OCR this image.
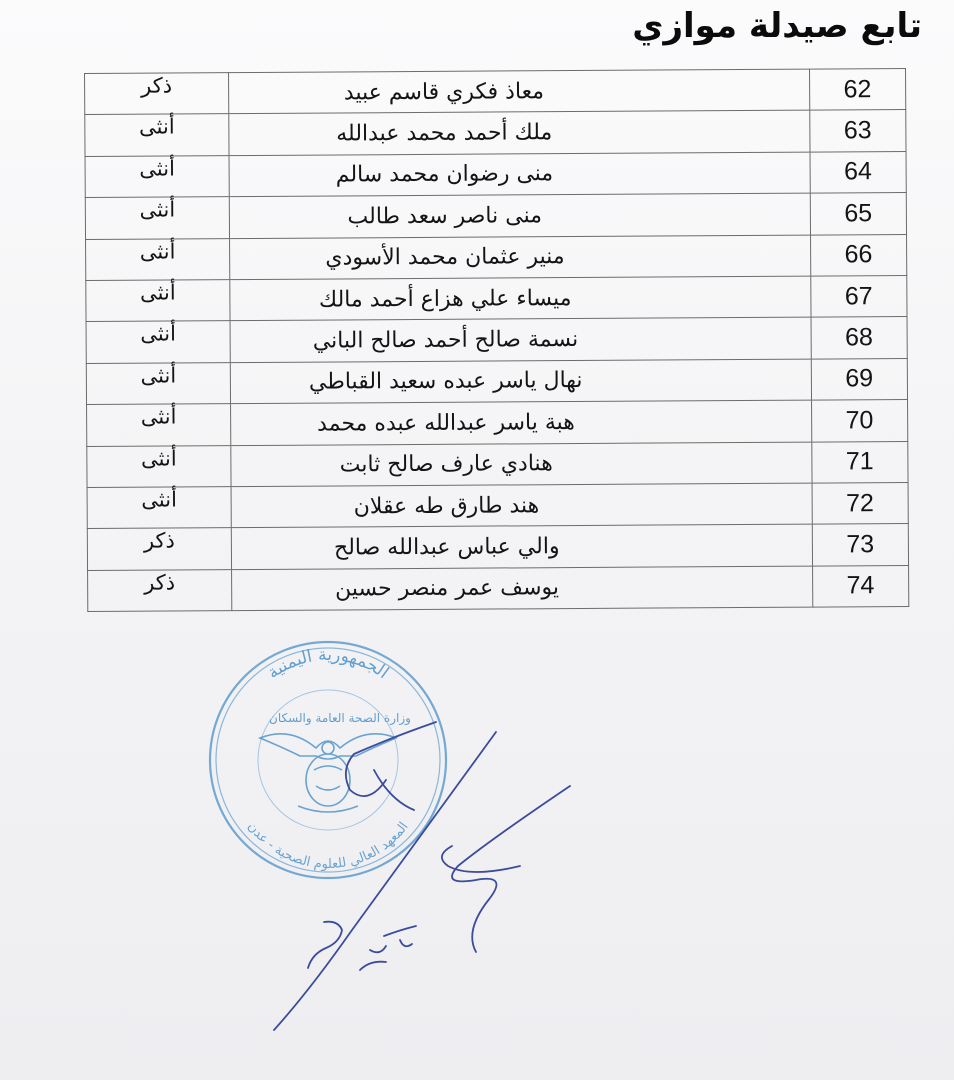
تابع صيدلة موازي
62	معاذ فكري قاسم عبيد	ذكر
63	ملك أحمد محمد عبدالله	أنثى
64	منى رضوان محمد سالم	أنثى
65	منى ناصر سعد طالب	أنثى
66	منير عثمان محمد الأسودي	أنثى
67	ميساء علي هزاع أحمد مالك	أنثى
68	نسمة صالح أحمد صالح الباني	أنثى
69	نهال ياسر عبده سعيد القباطي	أنثى
70	هبة ياسر عبدالله عبده محمد	أنثى
71	هنادي عارف صالح ثابت	أنثى
72	هند طارق طه عقلان	أنثى
73	والي عباس عبدالله صالح	ذكر
74	يوسف عمر منصر حسين	ذكر
الجمهورية اليمنية
المعهد العالي للعلوم الصحية - عدن
وزارة الصحة العامة والسكان
